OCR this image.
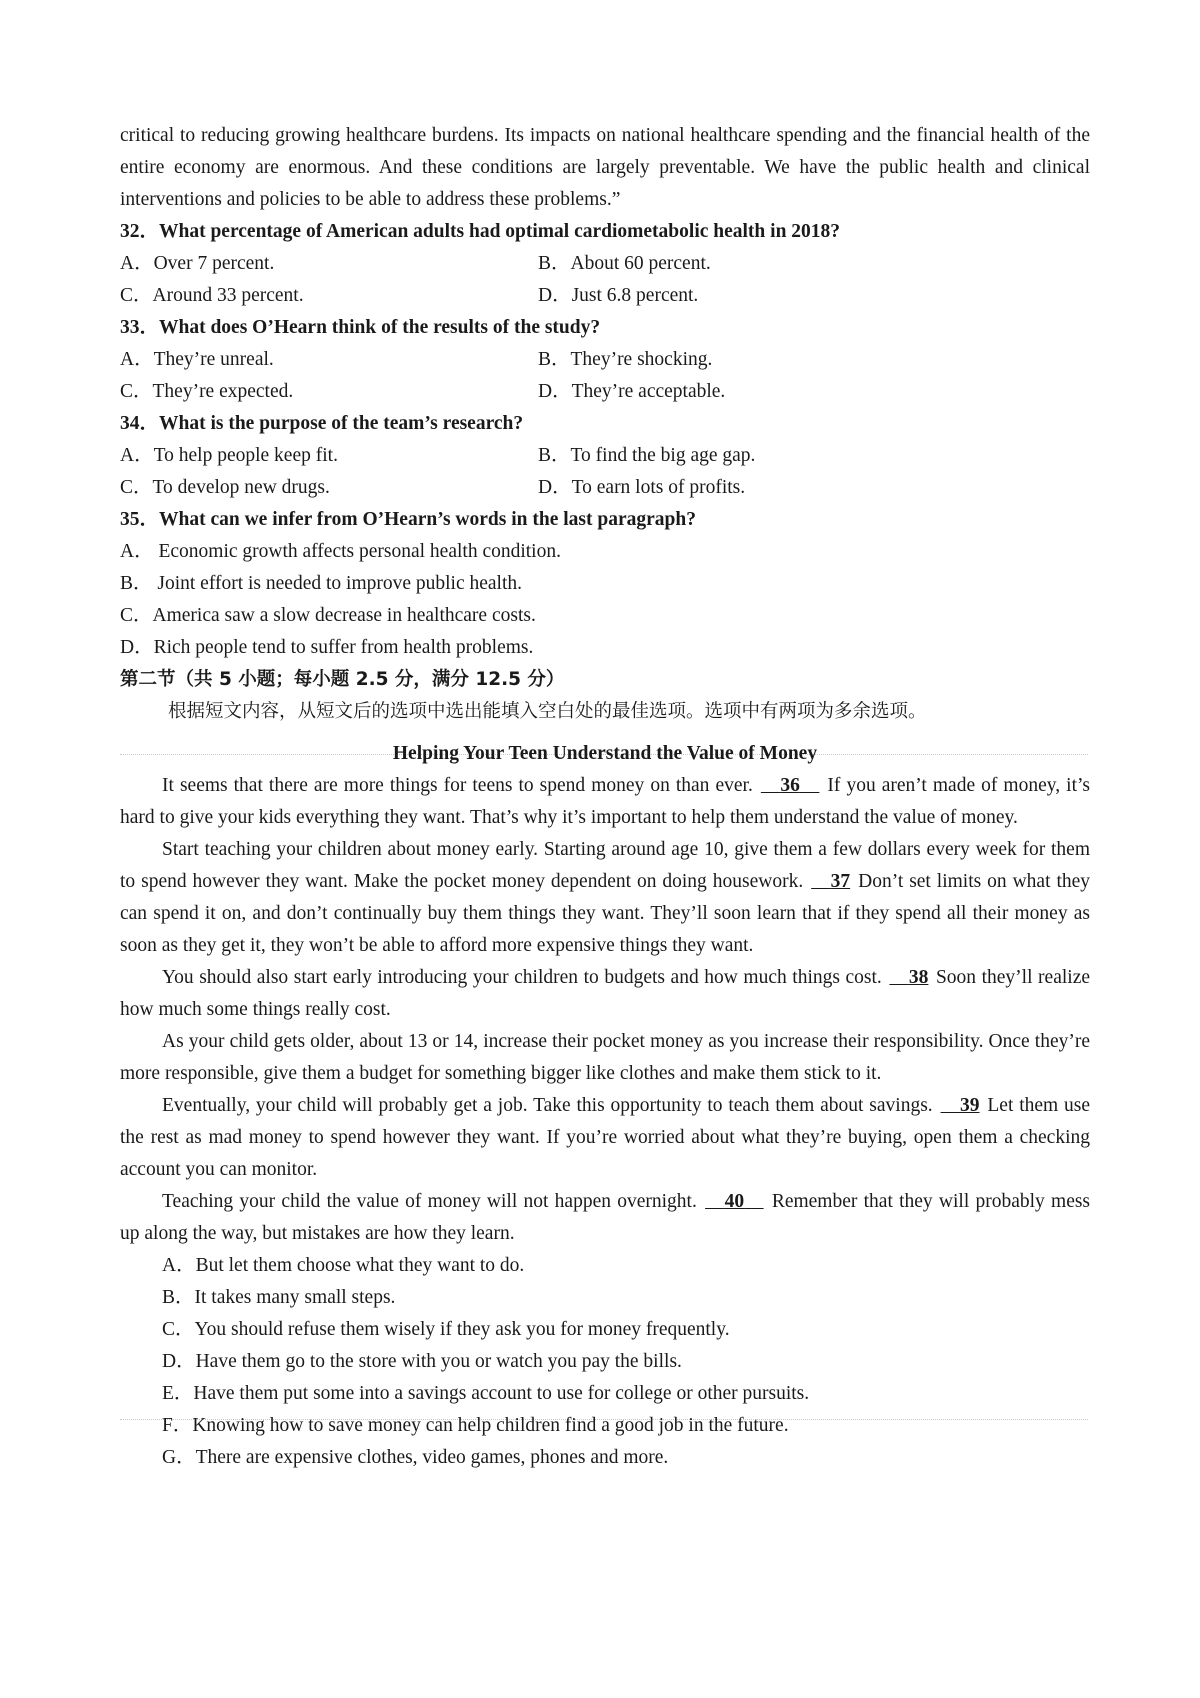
critical to reducing growing healthcare burdens. Its impacts on national healthcare spending and the financial health of the entire economy are enormous. And these conditions are largely preventable. We have the public health and clinical interventions and policies to be able to address these problems.”

32．What percentage of American adults had optimal cardiometabolic health in 2018?

A．Over 7 percent.	B．About 60 percent.
C．Around 33 percent.	D．Just 6.8 percent.

33．What does O’Hearn think of the results of the study?

A．They’re unreal.	B．They’re shocking.
C．They’re expected.	D．They’re acceptable.

34．What is the purpose of the team’s research?

A．To help people keep fit.	B．To find the big age gap.
C．To develop new drugs.	D．To earn lots of profits.

35．What can we infer from O’Hearn’s words in the last paragraph?

A． Economic growth affects personal health condition.

B． Joint effort is needed to improve public health.

C．America saw a slow decrease in healthcare costs.

D．Rich people tend to suffer from health problems.

第二节（共 5 小题；每小题 2.5 分，满分 12.5 分）

根据短文内容，从短文后的选项中选出能填入空白处的最佳选项。选项中有两项为多余选项。

Helping Your Teen Understand the Value of Money

It seems that there are more things for teens to spend money on than ever. 36 If you aren’t made of money, it’s hard to give your kids everything they want. That’s why it’s important to help them understand the value of money.

Start teaching your children about money early. Starting around age 10, give them a few dollars every week for them to spend however they want. Make the pocket money dependent on doing housework. 37 Don’t set limits on what they can spend it on, and don’t continually buy them things they want. They’ll soon learn that if they spend all their money as soon as they get it, they won’t be able to afford more expensive things they want.

You should also start early introducing your children to budgets and how much things cost. 38 Soon they’ll realize how much some things really cost.

As your child gets older, about 13 or 14, increase their pocket money as you increase their responsibility. Once they’re more responsible, give them a budget for something bigger like clothes and make them stick to it.

Eventually, your child will probably get a job. Take this opportunity to teach them about savings. 39 Let them use the rest as mad money to spend however they want. If you’re worried about what they’re buying, open them a checking account you can monitor.

Teaching your child the value of money will not happen overnight. 40 Remember that they will probably mess up along the way, but mistakes are how they learn.

A．But let them choose what they want to do.

B．It takes many small steps.

C．You should refuse them wisely if they ask you for money frequently.

D．Have them go to the store with you or watch you pay the bills.

E．Have them put some into a savings account to use for college or other pursuits.

F．Knowing how to save money can help children find a good job in the future.

G．There are expensive clothes, video games, phones and more.
